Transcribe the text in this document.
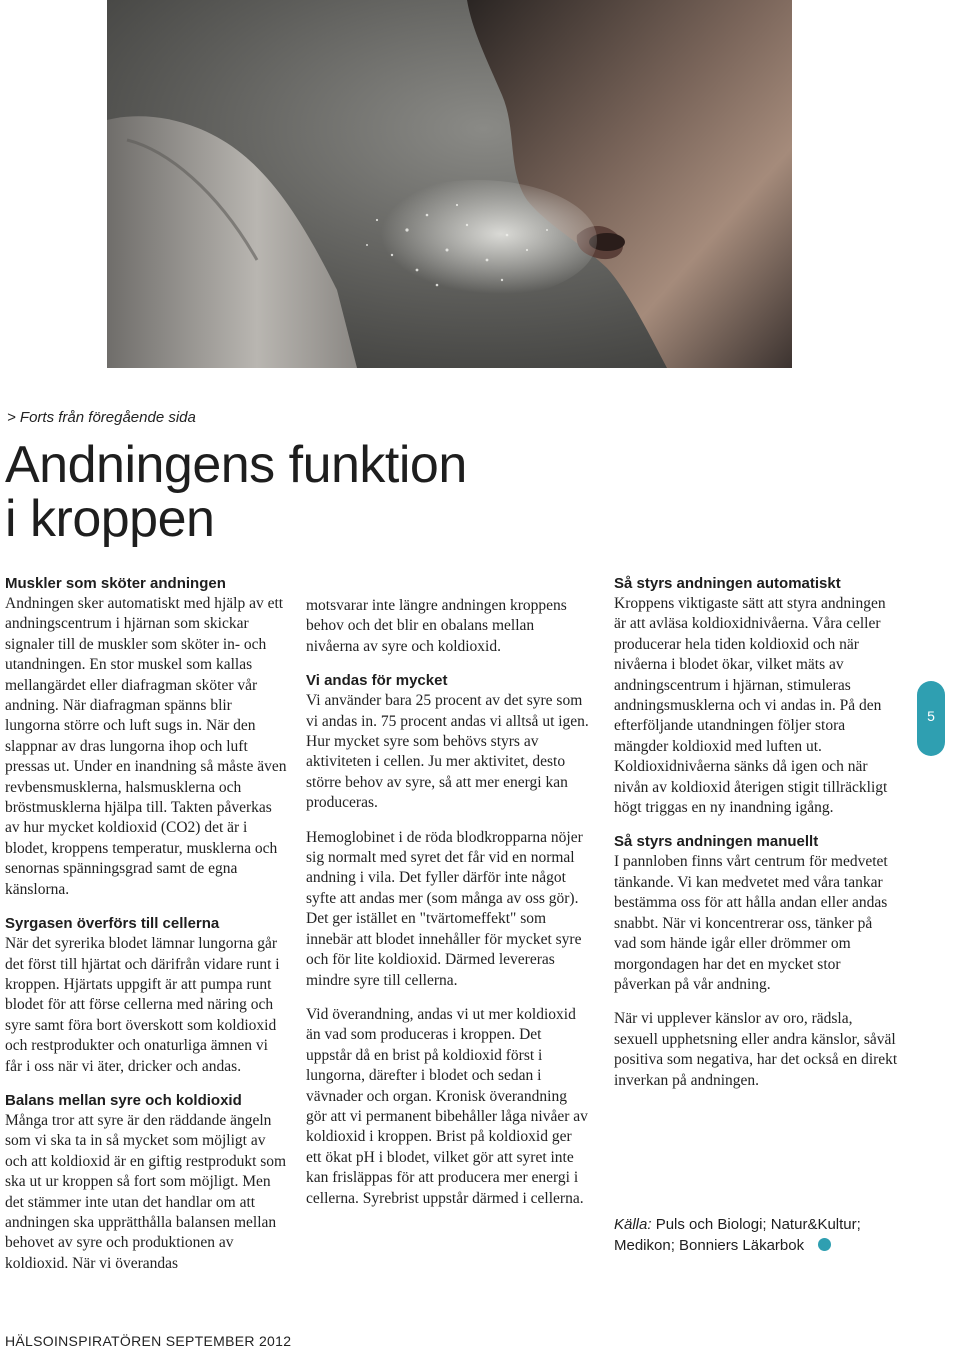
> Forts från föregående sida
Andningens funktion
i kroppen
Muskler som sköter andningen

Andningen sker automatiskt med hjälp av ett andningscentrum i hjärnan som skickar signaler till de muskler som sköter in- och utandningen. En stor muskel som kallas mellangärdet eller diafragman sköter vår andning. När diafragman spänns blir lungorna större och luft sugs in. När den slappnar av dras lungorna ihop och luft pressas ut. Under en inandning så måste även revbensmusklerna, halsmusklerna och bröstmusklerna hjälpa till. Takten påverkas av hur mycket koldioxid (CO2) det är i blodet, kroppens temperatur, musklerna och senornas spänningsgrad samt de egna känslorna.

Syrgasen överförs till cellerna

När det syrerika blodet lämnar lungorna går det först till hjärtat och därifrån vidare runt i kroppen. Hjärtats uppgift är att pumpa runt blodet för att förse cellerna med näring och syre samt föra bort överskott som koldioxid och restprodukter och onaturliga ämnen vi får i oss när vi äter, dricker och andas.

Balans mellan syre och koldioxid

Många tror att syre är den räddande ängeln som vi ska ta in så mycket som möjligt av och att koldioxid är en giftig restprodukt som ska ut ur kroppen så fort som möjligt. Men det stämmer inte utan det handlar om att andningen ska upprätthålla balansen mellan behovet av syre och produktionen av koldioxid. När vi överandas

motsvarar inte längre andningen kroppens behov och det blir en obalans mellan nivåerna av syre och koldioxid.

Vi andas för mycket

Vi använder bara 25 procent av det syre som vi andas in. 75 procent andas vi alltså ut igen. Hur mycket syre som behövs styrs av aktiviteten i cellen. Ju mer aktivitet, desto större behov av syre, så att mer energi kan produceras.

Hemoglobinet i de röda blodkropparna nöjer sig normalt med syret det får vid en normal andning i vila. Det fyller därför inte något syfte att andas mer (som många av oss gör). Det ger istället en "tvärtomeffekt" som innebär att blodet innehåller för mycket syre och för lite koldioxid. Därmed levereras mindre syre till cellerna.

Vid överandning, andas vi ut mer koldioxid än vad som produceras i kroppen. Det uppstår då en brist på koldioxid först i lungorna, därefter i blodet och sedan i vävnader och organ. Kronisk överandning gör att vi permanent bibehåller låga nivåer av koldioxid i kroppen. Brist på koldioxid ger ett ökat pH i blodet, vilket gör att syret inte kan frisläppas för att producera mer energi i cellerna. Syrebrist uppstår därmed i cellerna.

Så styrs andningen automatiskt

Kroppens viktigaste sätt att styra andningen är att avläsa koldioxidnivåerna. Våra celler producerar hela tiden koldioxid och när nivåerna i blodet ökar, vilket mäts av andningscentrum i hjärnan, stimuleras andningsmusklerna och vi andas in. På den efterföljande utandningen följer stora mängder koldioxid med luften ut. Koldioxidnivåerna sänks då igen och när nivån av koldioxid återigen stigit tillräckligt högt triggas en ny inandning igång.

Så styrs andningen manuellt

I pannloben finns vårt centrum för medvetet tänkande. Vi kan medvetet med våra tankar bestämma oss för att hålla andan eller andas snabbt. När vi koncentrerar oss, tänker på vad som hände igår eller drömmer om morgondagen har det en mycket stor påverkan på vår andning.

När vi upplever känslor av oro, rädsla, sexuell upphetsning eller andra känslor, såväl positiva som negativa, har det också en direkt inverkan på andningen.

5
Källa: Puls och Biologi; Natur&Kultur; Medikon; Bonniers Läkarbok
HÄLSOINSPIRATÖREN SEPTEMBER 2012
